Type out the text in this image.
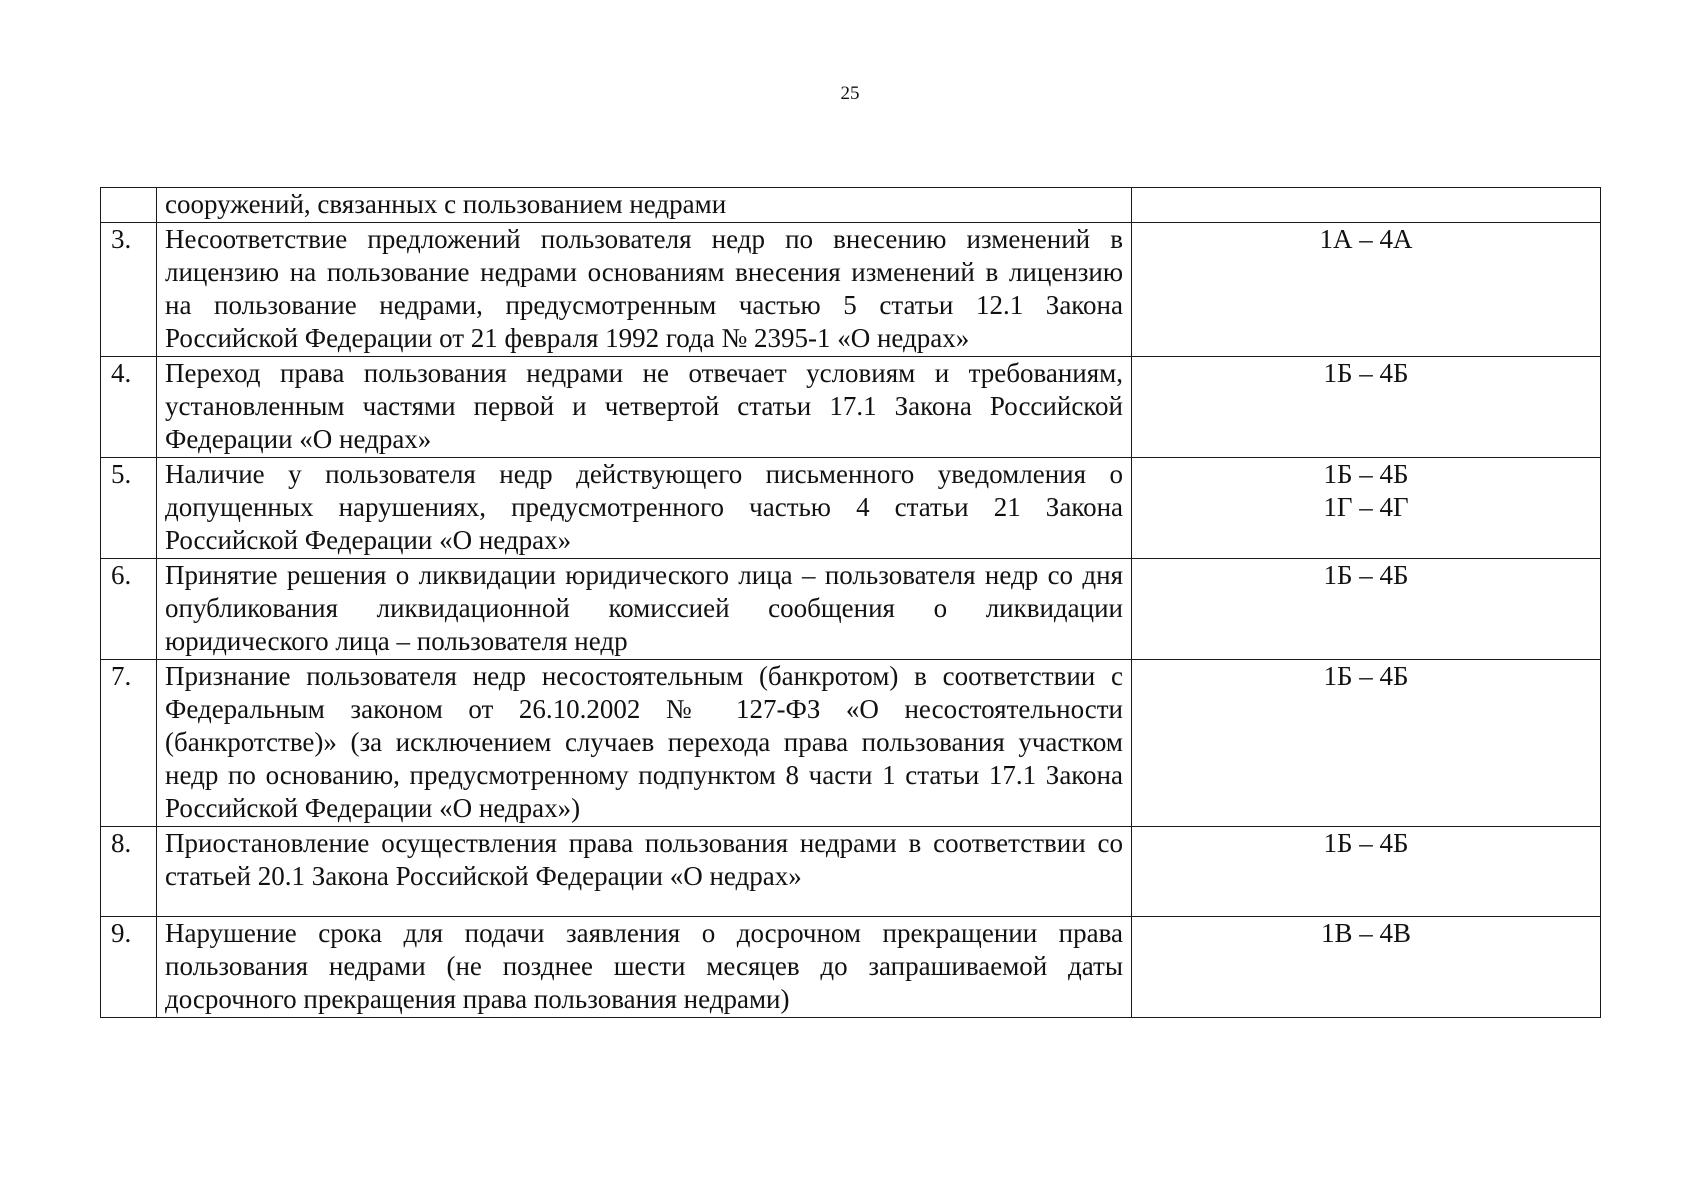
25
	сооружений, связанных с пользованием недрами	
3.	Несоответствие предложений пользователя недр по внесению изменений в лицензию на пользование недрами основаниям внесения изменений в лицензию на пользование недрами, предусмотренным частью 5 статьи 12.1 Закона Российской Федерации от 21 февраля 1992 года № 2395-1 «О недрах»	1А – 4А

4.	Переход права пользования недрами не отвечает условиям и требованиям, установленным частями первой и четвертой статьи 17.1 Закона Российской Федерации «О недрах»	1Б – 4Б

5.	Наличие у пользователя недр действующего письменного уведомления о допущенных нарушениях, предусмотренного частью 4 статьи 21 Закона Российской Федерации «О недрах»	1Б – 4Б
1Г – 4Г

6.	Принятие решения о ликвидации юридического лица – пользователя недр со дня опубликования ликвидационной комиссией сообщения о ликвидации юридического лица – пользователя недр	1Б – 4Б

7.	Признание пользователя недр несостоятельным (банкротом) в соответствии с Федеральным законом от 26.10.2002 № 127-ФЗ «О несостоятельности (банкротстве)» (за исключением случаев перехода права пользования участком недр по основанию, предусмотренному подпунктом 8 части 1 статьи 17.1 Закона Российской Федерации «О недрах»)	1Б – 4Б

8.	Приостановление осуществления права пользования недрами в соответствии со статьей 20.1 Закона Российской Федерации «О недрах»	1Б – 4Б

9.	Нарушение срока для подачи заявления о досрочном прекращении права пользования недрами (не позднее шести месяцев до запрашиваемой даты досрочного прекращения права пользования недрами)	1В – 4В
